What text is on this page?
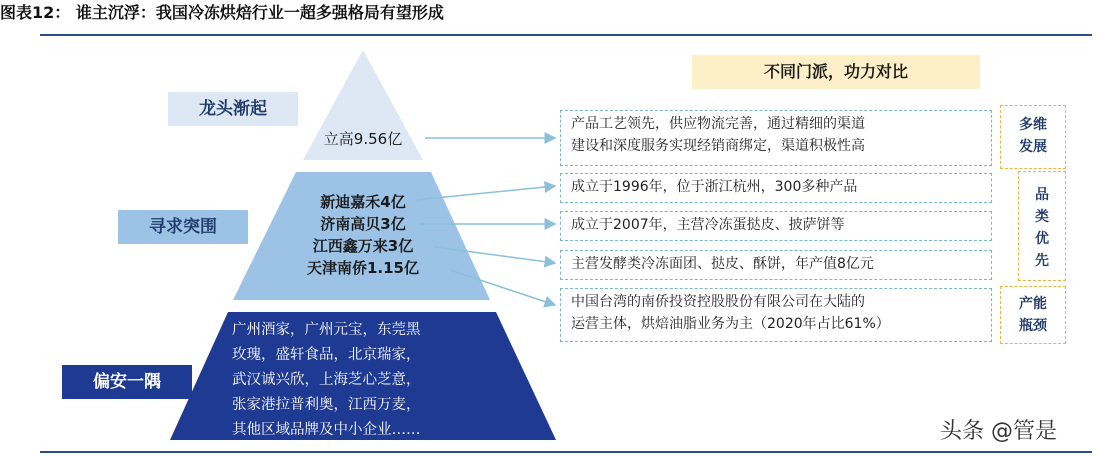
图表12： 谁主沉浮：我国冷冻烘焙行业一超多强格局有望形成
龙头渐起
寻求突围
偏安一隅
立高9.56亿
新迪嘉禾4亿
济南高贝3亿
江西鑫万来3亿
天津南侨1.15亿
广州酒家，广州元宝，东莞黑
玫瑰，盛轩食品，北京瑞家，
武汉诚兴欣，上海芝心芝意，
张家港拉普利奥，江西万麦，
其他区域品牌及中小企业……
不同门派，功力对比
产品工艺领先，供应物流完善，通过精细的渠道
建设和深度服务实现经销商绑定，渠道积极性高
成立于1996年，位于浙江杭州，300多种产品
成立于2007年，主营冷冻蛋挞皮、披萨饼等
主营发酵类冷冻面团、挞皮、酥饼，年产值8亿元
中国台湾的南侨投资控股股份有限公司在大陆的
运营主体，烘焙油脂业务为主（2020年占比61%）
多维
发展
品
类
优
先
产能
瓶颈
头条 @管是
